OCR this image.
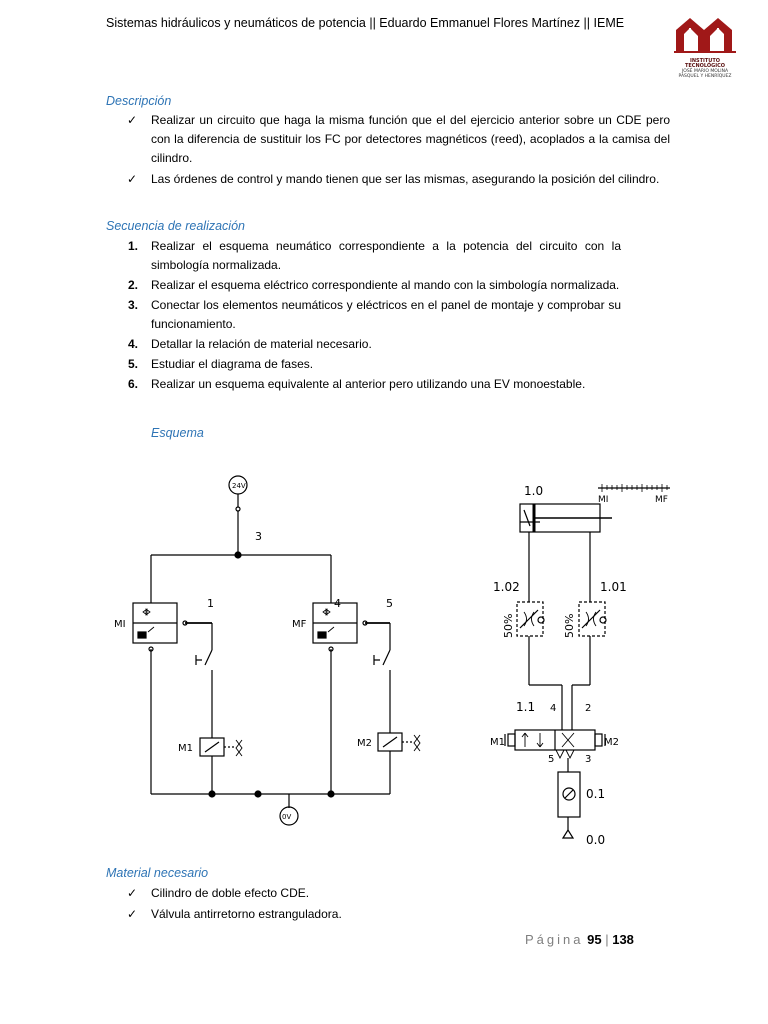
Sistemas hidráulicos y neumáticos de potencia || Eduardo Emmanuel Flores Martínez || IEME
INSTITUTO TECNOLÓGICO
JOSÉ MARIO MOLINA
PASQUEL Y HENRÍQUEZ
Descripción
✓ Realizar un circuito que haga la misma función que el del ejercicio anterior sobre un CDE pero con la diferencia de sustituir los FC por detectores magnéticos (reed), acoplados a la camisa del cilindro.
✓ Las órdenes de control y mando tienen que ser las mismas, asegurando la posición del cilindro.
Secuencia de realización
1. Realizar el esquema neumático correspondiente a la potencia del circuito con la simbología normalizada.
2. Realizar el esquema eléctrico correspondiente al mando con la simbología normalizada.
3. Conectar los elementos neumáticos y eléctricos en el panel de montaje y comprobar su funcionamiento.
4. Detallar la relación de material necesario.
5. Estudiar el diagrama de fases.
6. Realizar un esquema equivalente al anterior pero utilizando una EV monoestable.
Esquema
24V
3
1	4	5
MI	MF
M1	M2
0V
1.0
MI	MF
1.02	1.01
50%	50%
1.1 4	2
5	3
M1	M2
0.1
0.0
Material necesario
✓ Cilindro de doble efecto CDE.
✓ Válvula antirretorno estranguladora.
Página 95 | 138
